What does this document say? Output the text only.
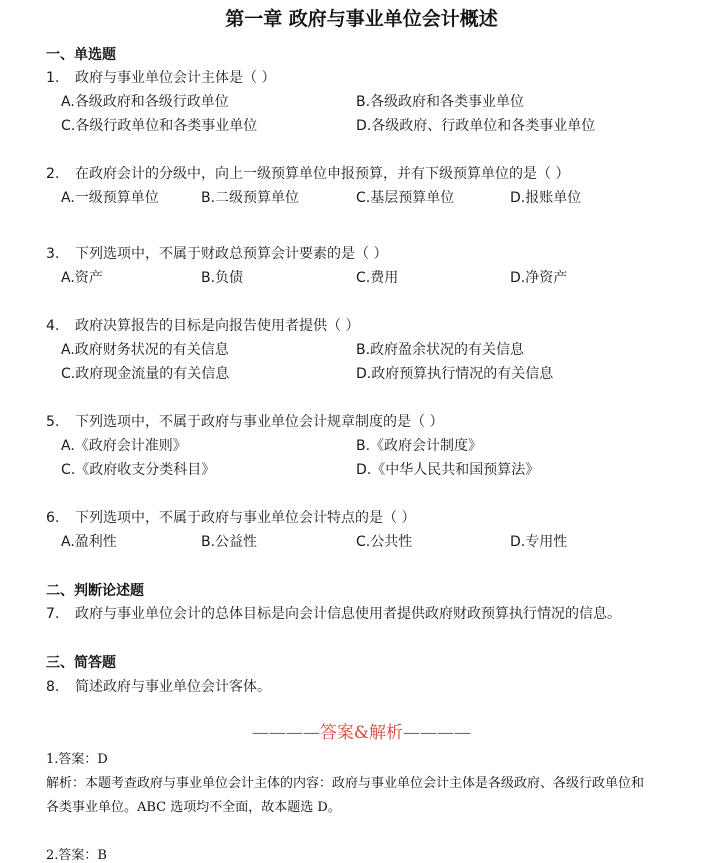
第一章 政府与事业单位会计概述
一、单选题
1. 政府与事业单位会计主体是（ ）
A.各级政府和各级行政单位	B.各级政府和各类事业单位
C.各级行政单位和各类事业单位	D.各级政府、行政单位和各类事业单位
2. 在政府会计的分级中，向上一级预算单位申报预算，并有下级预算单位的是（ ）
A.一级预算单位	B.二级预算单位	C.基层预算单位	D.报账单位
3. 下列选项中，不属于财政总预算会计要素的是（ ）
A.资产	B.负债	C.费用	D.净资产
4. 政府决算报告的目标是向报告使用者提供（ ）
A.政府财务状况的有关信息	B.政府盈余状况的有关信息
C.政府现金流量的有关信息	D.政府预算执行情况的有关信息
5. 下列选项中，不属于政府与事业单位会计规章制度的是（ ）
A.《政府会计准则》	B.《政府会计制度》
C.《政府收支分类科目》	D.《中华人民共和国预算法》
6. 下列选项中，不属于政府与事业单位会计特点的是（ ）
A.盈利性	B.公益性	C.公共性	D.专用性
二、判断论述题
7. 政府与事业单位会计的总体目标是向会计信息使用者提供政府财政预算执行情况的信息。
三、简答题
8. 简述政府与事业单位会计客体。
————答案&解析————
1.答案：D
解析：本题考查政府与事业单位会计主体的内容：政府与事业单位会计主体是各级政府、各级行政单位和
各类事业单位。ABC 选项均不全面，故本题选 D。
2.答案：B
